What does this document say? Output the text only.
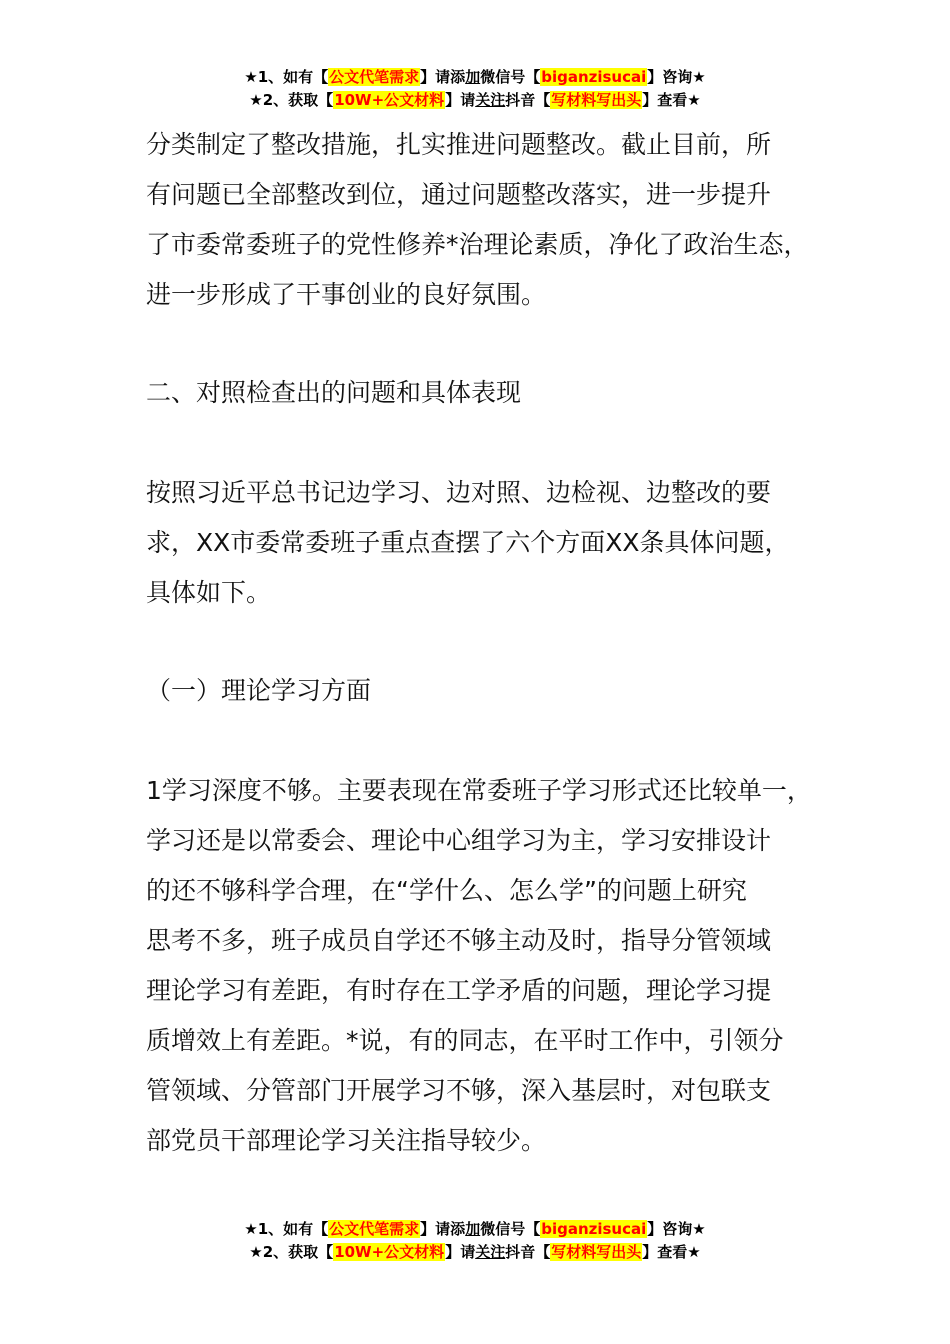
★1、如有【公文代笔需求】请添加微信号【biganzisucai】咨询★
★2、获取【10W+公文材料】请关注抖音【写材料写出头】查看★

分类制定了整改措施，扎实推进问题整改。截止目前，所
有问题已全部整改到位，通过问题整改落实，进一步提升
了市委常委班子的党性修养*治理论素质，净化了政治生态，
进一步形成了干事创业的良好氛围。

二、对照检查出的问题和具体表现

按照习近平总书记边学习、边对照、边检视、边整改的要
求，XX市委常委班子重点查摆了六个方面XX条具体问题，
具体如下。

（一）理论学习方面

1学习深度不够。主要表现在常委班子学习形式还比较单一，
学习还是以常委会、理论中心组学习为主，学习安排设计
的还不够科学合理，在“学什么、怎么学”的问题上研究
思考不多，班子成员自学还不够主动及时，指导分管领域
理论学习有差距，有时存在工学矛盾的问题，理论学习提
质增效上有差距。*说，有的同志，在平时工作中，引领分
管领域、分管部门开展学习不够，深入基层时，对包联支
部党员干部理论学习关注指导较少。

★1、如有【公文代笔需求】请添加微信号【biganzisucai】咨询★
★2、获取【10W+公文材料】请关注抖音【写材料写出头】查看★
